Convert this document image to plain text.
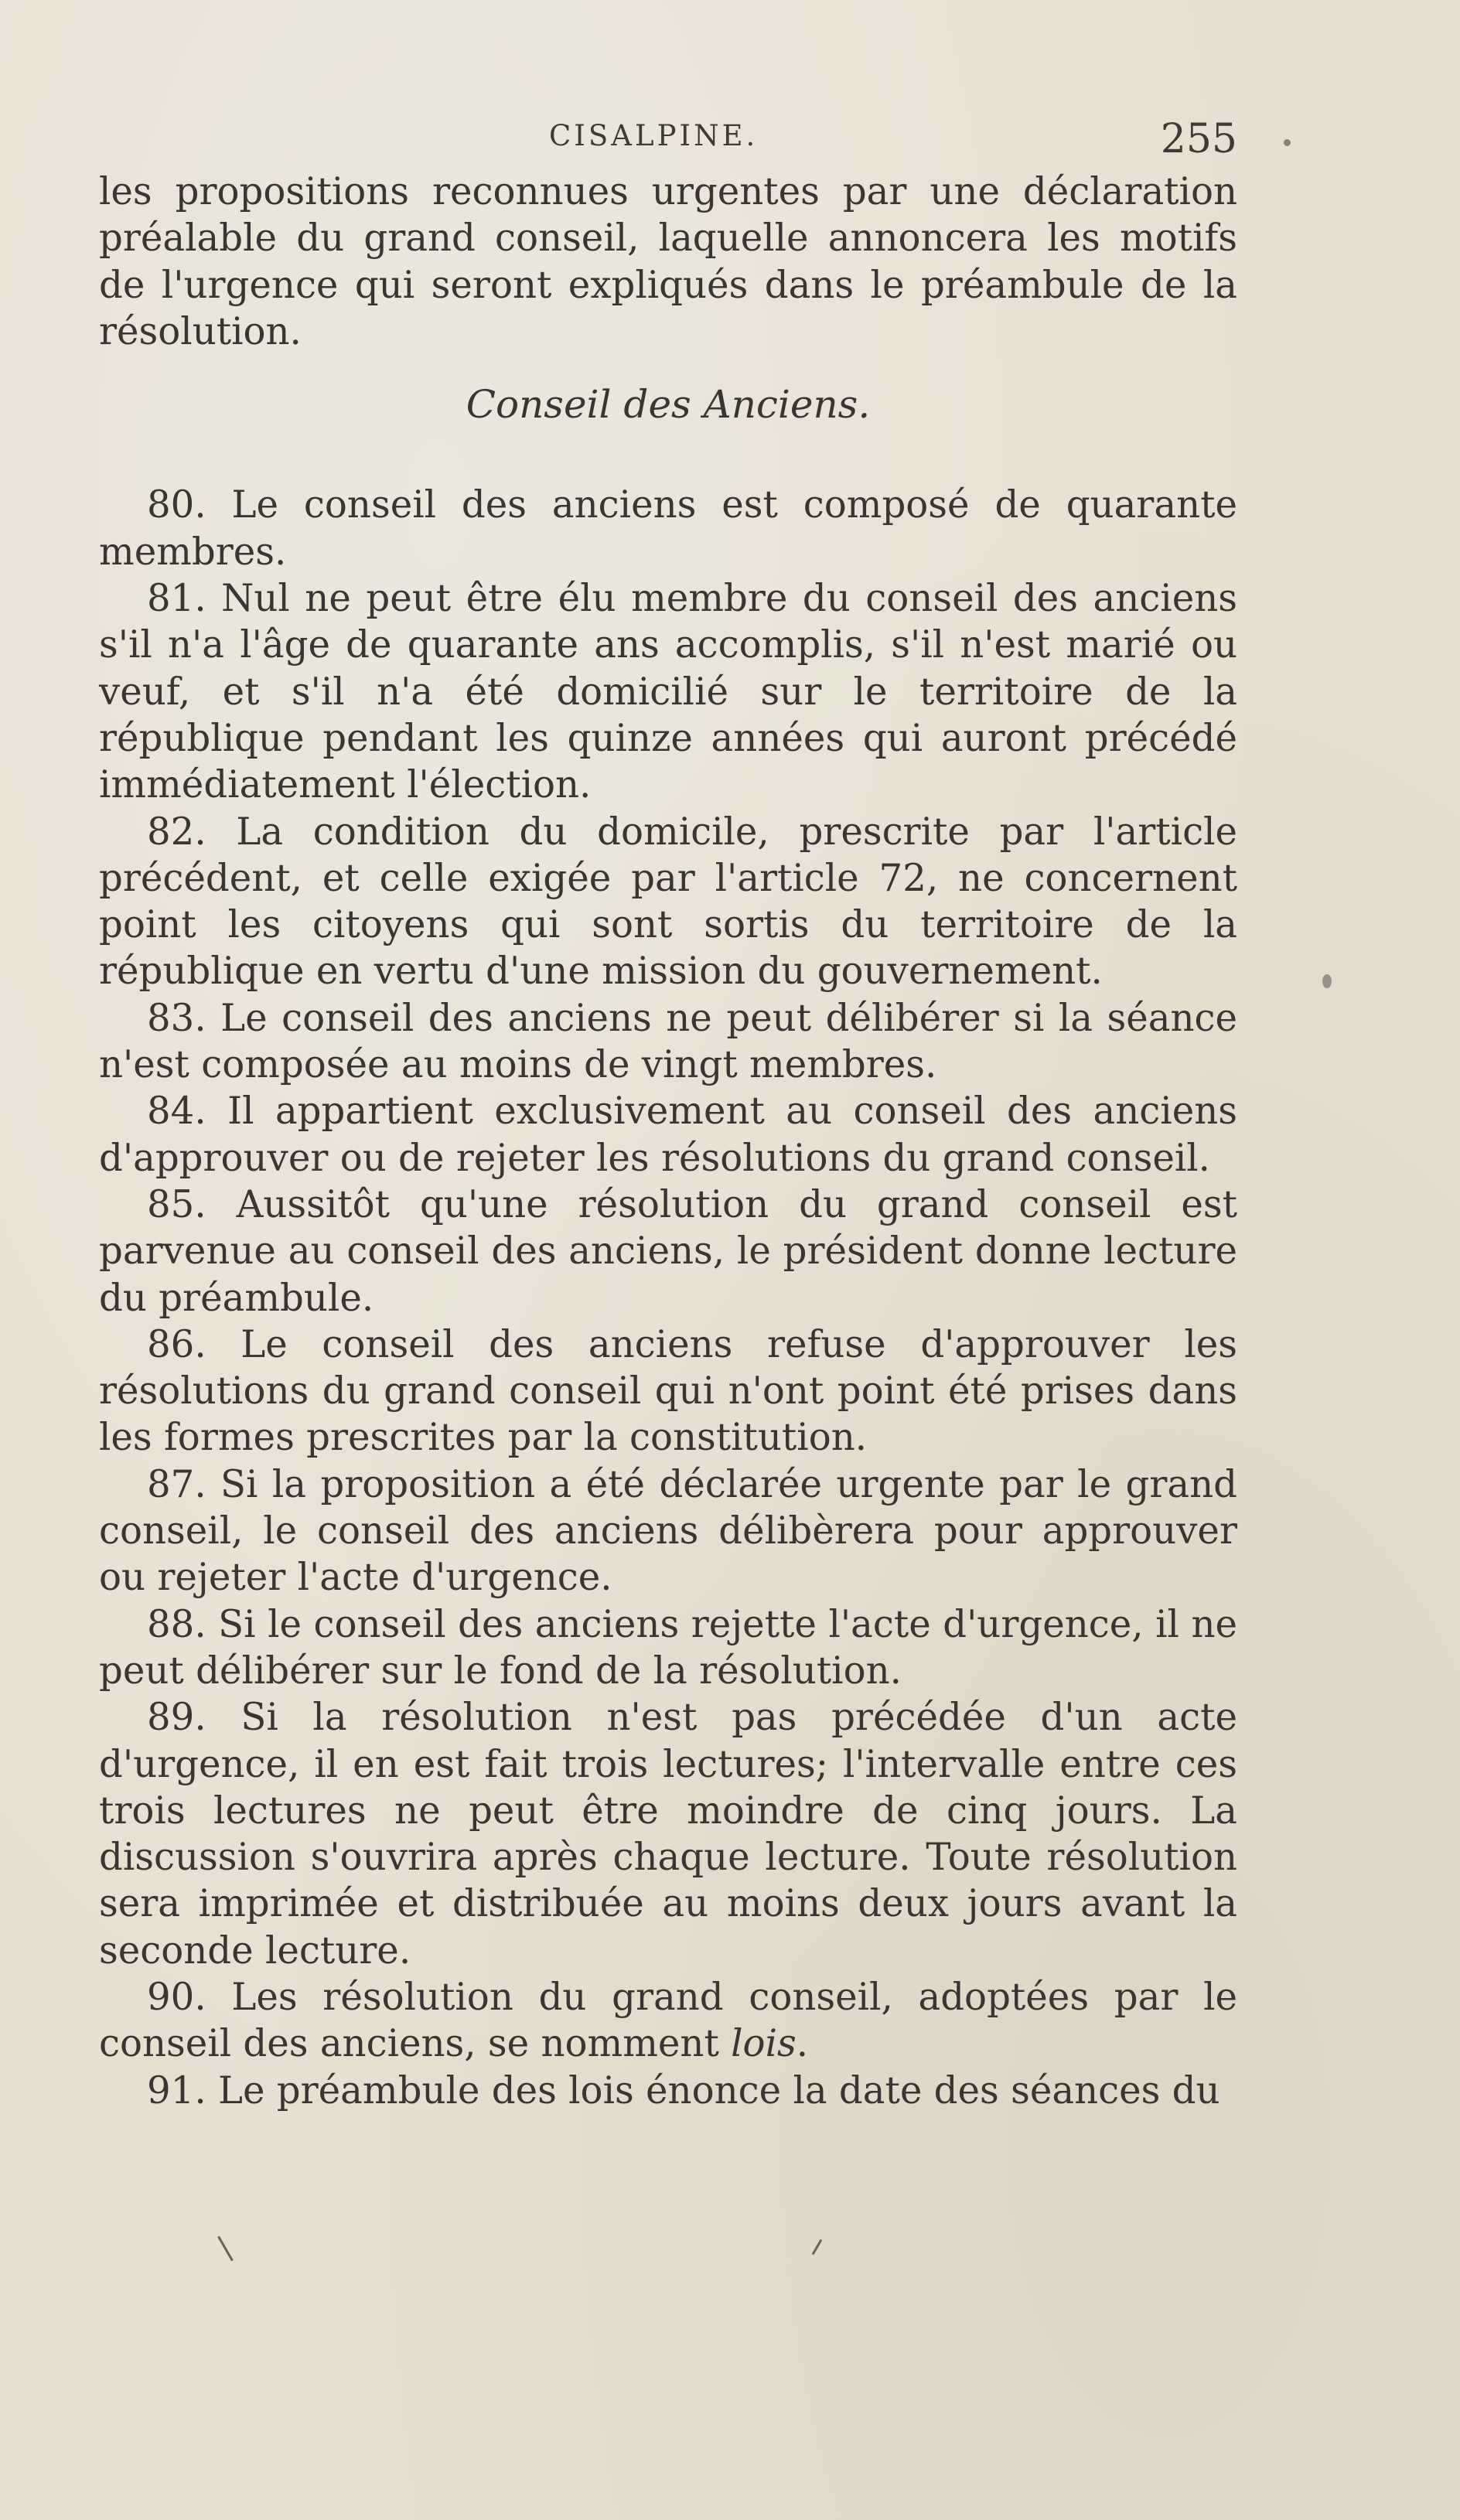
CISALPINE.	255

les propositions reconnues urgentes par une déclaration préalable du grand conseil, laquelle annoncera les motifs de l'urgence qui seront expliqués dans le préambule de la résolution.

Conseil des Anciens.

80. Le conseil des anciens est composé de quarante membres.

81. Nul ne peut être élu membre du conseil des anciens s'il n'a l'âge de quarante ans accomplis, s'il n'est marié ou veuf, et s'il n'a été domicilié sur le territoire de la république pendant les quinze années qui auront précédé immédiatement l'élection.

82. La condition du domicile, prescrite par l'article précédent, et celle exigée par l'article 72, ne concernent point les citoyens qui sont sortis du territoire de la république en vertu d'une mission du gouvernement.

83. Le conseil des anciens ne peut délibérer si la séance n'est composée au moins de vingt membres.

84. Il appartient exclusivement au conseil des anciens d'approuver ou de rejeter les résolutions du grand conseil.

85. Aussitôt qu'une résolution du grand conseil est parvenue au conseil des anciens, le président donne lecture du préambule.

86. Le conseil des anciens refuse d'approuver les résolutions du grand conseil qui n'ont point été prises dans les formes prescrites par la constitution.

87. Si la proposition a été déclarée urgente par le grand conseil, le conseil des anciens délibèrera pour approuver ou rejeter l'acte d'urgence.

88. Si le conseil des anciens rejette l'acte d'urgence, il ne peut délibérer sur le fond de la résolution.

89. Si la résolution n'est pas précédée d'un acte d'urgence, il en est fait trois lectures; l'intervalle entre ces trois lectures ne peut être moindre de cinq jours. La discussion s'ouvrira après chaque lecture. Toute résolution sera imprimée et distribuée au moins deux jours avant la seconde lecture.

90. Les résolution du grand conseil, adoptées par le conseil des anciens, se nomment lois.

91. Le préambule des lois énonce la date des séances du
